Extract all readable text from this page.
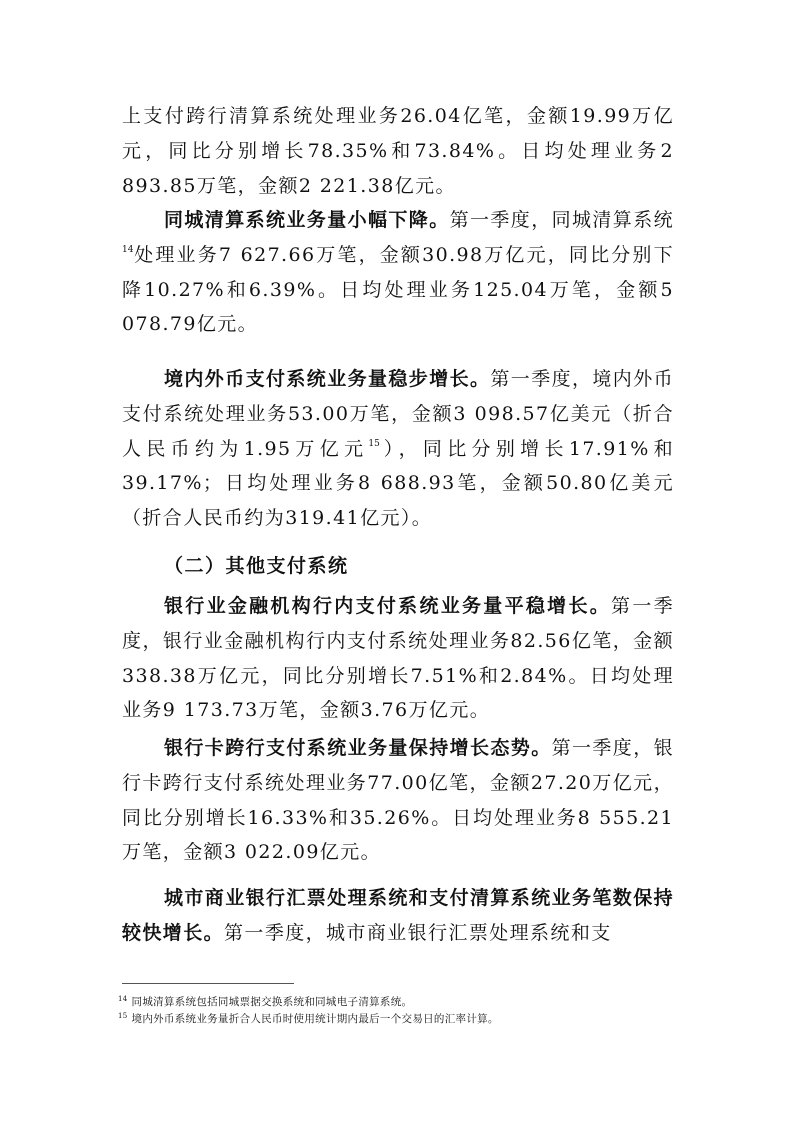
上支付跨行清算系统处理业务26.04亿笔，金额19.99万亿元，同比分别增长78.35%和73.84%。日均处理业务2 893.85万笔，金额2 221.38亿元。

同城清算系统业务量小幅下降。第一季度，同城清算系统$^{14}$处理业务7 627.66万笔，金额30.98万亿元，同比分别下降10.27%和6.39%。日均处理业务125.04万笔，金额5 078.79亿元。

境内外币支付系统业务量稳步增长。第一季度，境内外币支付系统处理业务53.00万笔，金额3 098.57亿美元（折合人民币约为1.95万亿元$^{15}$），同比分别增长17.91%和39.17%；日均处理业务8 688.93笔，金额50.80亿美元（折合人民币约为319.41亿元）。

（二）其他支付系统

银行业金融机构行内支付系统业务量平稳增长。第一季度，银行业金融机构行内支付系统处理业务82.56亿笔，金额338.38万亿元，同比分别增长7.51%和2.84%。日均处理业务9 173.73万笔，金额3.76万亿元。

银行卡跨行支付系统业务量保持增长态势。第一季度，银行卡跨行支付系统处理业务77.00亿笔，金额27.20万亿元，同比分别增长16.33%和35.26%。日均处理业务8 555.21万笔，金额3 022.09亿元。

城市商业银行汇票处理系统和支付清算系统业务笔数保持较快增长。第一季度，城市商业银行汇票处理系统和支

$^{14}$ 同城清算系统包括同城票据交换系统和同城电子清算系统。

$^{15}$ 境内外币系统业务量折合人民币时使用统计期内最后一个交易日的汇率计算。
